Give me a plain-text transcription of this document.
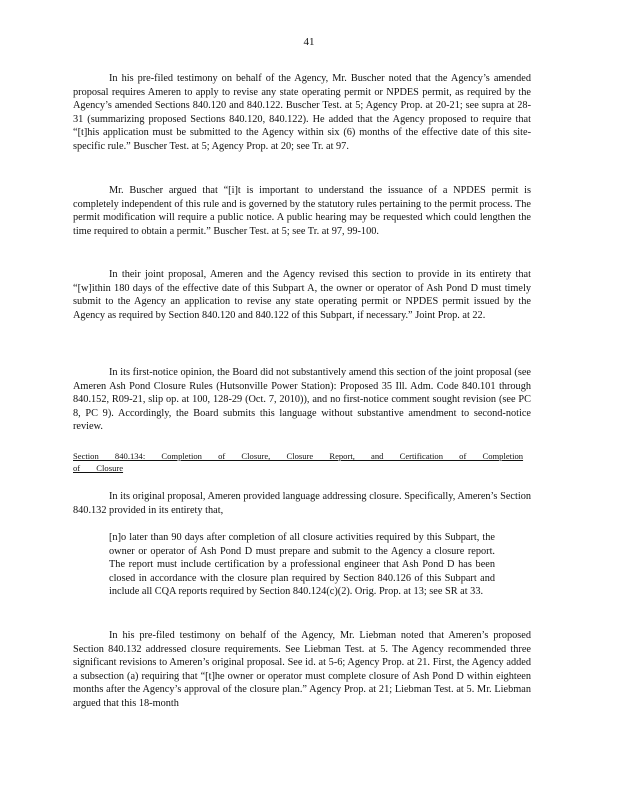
41

In his pre-filed testimony on behalf of the Agency, Mr. Buscher noted that the Agency’s amended proposal requires Ameren to apply to revise any state operating permit or NPDES permit, as required by the Agency’s amended Sections 840.120 and 840.122. Buscher Test. at 5; Agency Prop. at 20-21; see supra at 28-31 (summarizing proposed Sections 840.120, 840.122). He added that the Agency proposed to require that “[t]his application must be submitted to the Agency within six (6) months of the effective date of this site-specific rule.” Buscher Test. at 5; Agency Prop. at 20; see Tr. at 97.

Mr. Buscher argued that “[i]t is important to understand the issuance of a NPDES permit is completely independent of this rule and is governed by the statutory rules pertaining to the permit process. The permit modification will require a public notice. A public hearing may be requested which could lengthen the time required to obtain a permit.” Buscher Test. at 5; see Tr. at 97, 99-100.

In their joint proposal, Ameren and the Agency revised this section to provide in its entirety that “[w]ithin 180 days of the effective date of this Subpart A, the owner or operator of Ash Pond D must timely submit to the Agency an application to revise any state operating permit or NPDES permit issued by the Agency as required by Section 840.120 and 840.122 of this Subpart, if necessary.” Joint Prop. at 22.

In its first-notice opinion, the Board did not substantively amend this section of the joint proposal (see Ameren Ash Pond Closure Rules (Hutsonville Power Station): Proposed 35 Ill. Adm. Code 840.101 through 840.152, R09-21, slip op. at 100, 128-29 (Oct. 7, 2010)), and no first-notice comment sought revision (see PC 8, PC 9). Accordingly, the Board submits this language without substantive amendment to second-notice review.

Section 840.134: Completion of Closure, Closure Report, and Certification of Completion of Closure

In its original proposal, Ameren provided language addressing closure. Specifically, Ameren’s Section 840.132 provided in its entirety that,

[n]o later than 90 days after completion of all closure activities required by this Subpart, the owner or operator of Ash Pond D must prepare and submit to the Agency a closure report. The report must include certification by a professional engineer that Ash Pond D has been closed in accordance with the closure plan required by Section 840.126 of this Subpart and include all CQA reports required by Section 840.124(c)(2). Orig. Prop. at 13; see SR at 33.

In his pre-filed testimony on behalf of the Agency, Mr. Liebman noted that Ameren’s proposed Section 840.132 addressed closure requirements. See Liebman Test. at 5. The Agency recommended three significant revisions to Ameren’s original proposal. See id. at 5-6; Agency Prop. at 21. First, the Agency added a subsection (a) requiring that “[t]he owner or operator must complete closure of Ash Pond D within eighteen months after the Agency’s approval of the closure plan.” Agency Prop. at 21; Liebman Test. at 5. Mr. Liebman argued that this 18-month
